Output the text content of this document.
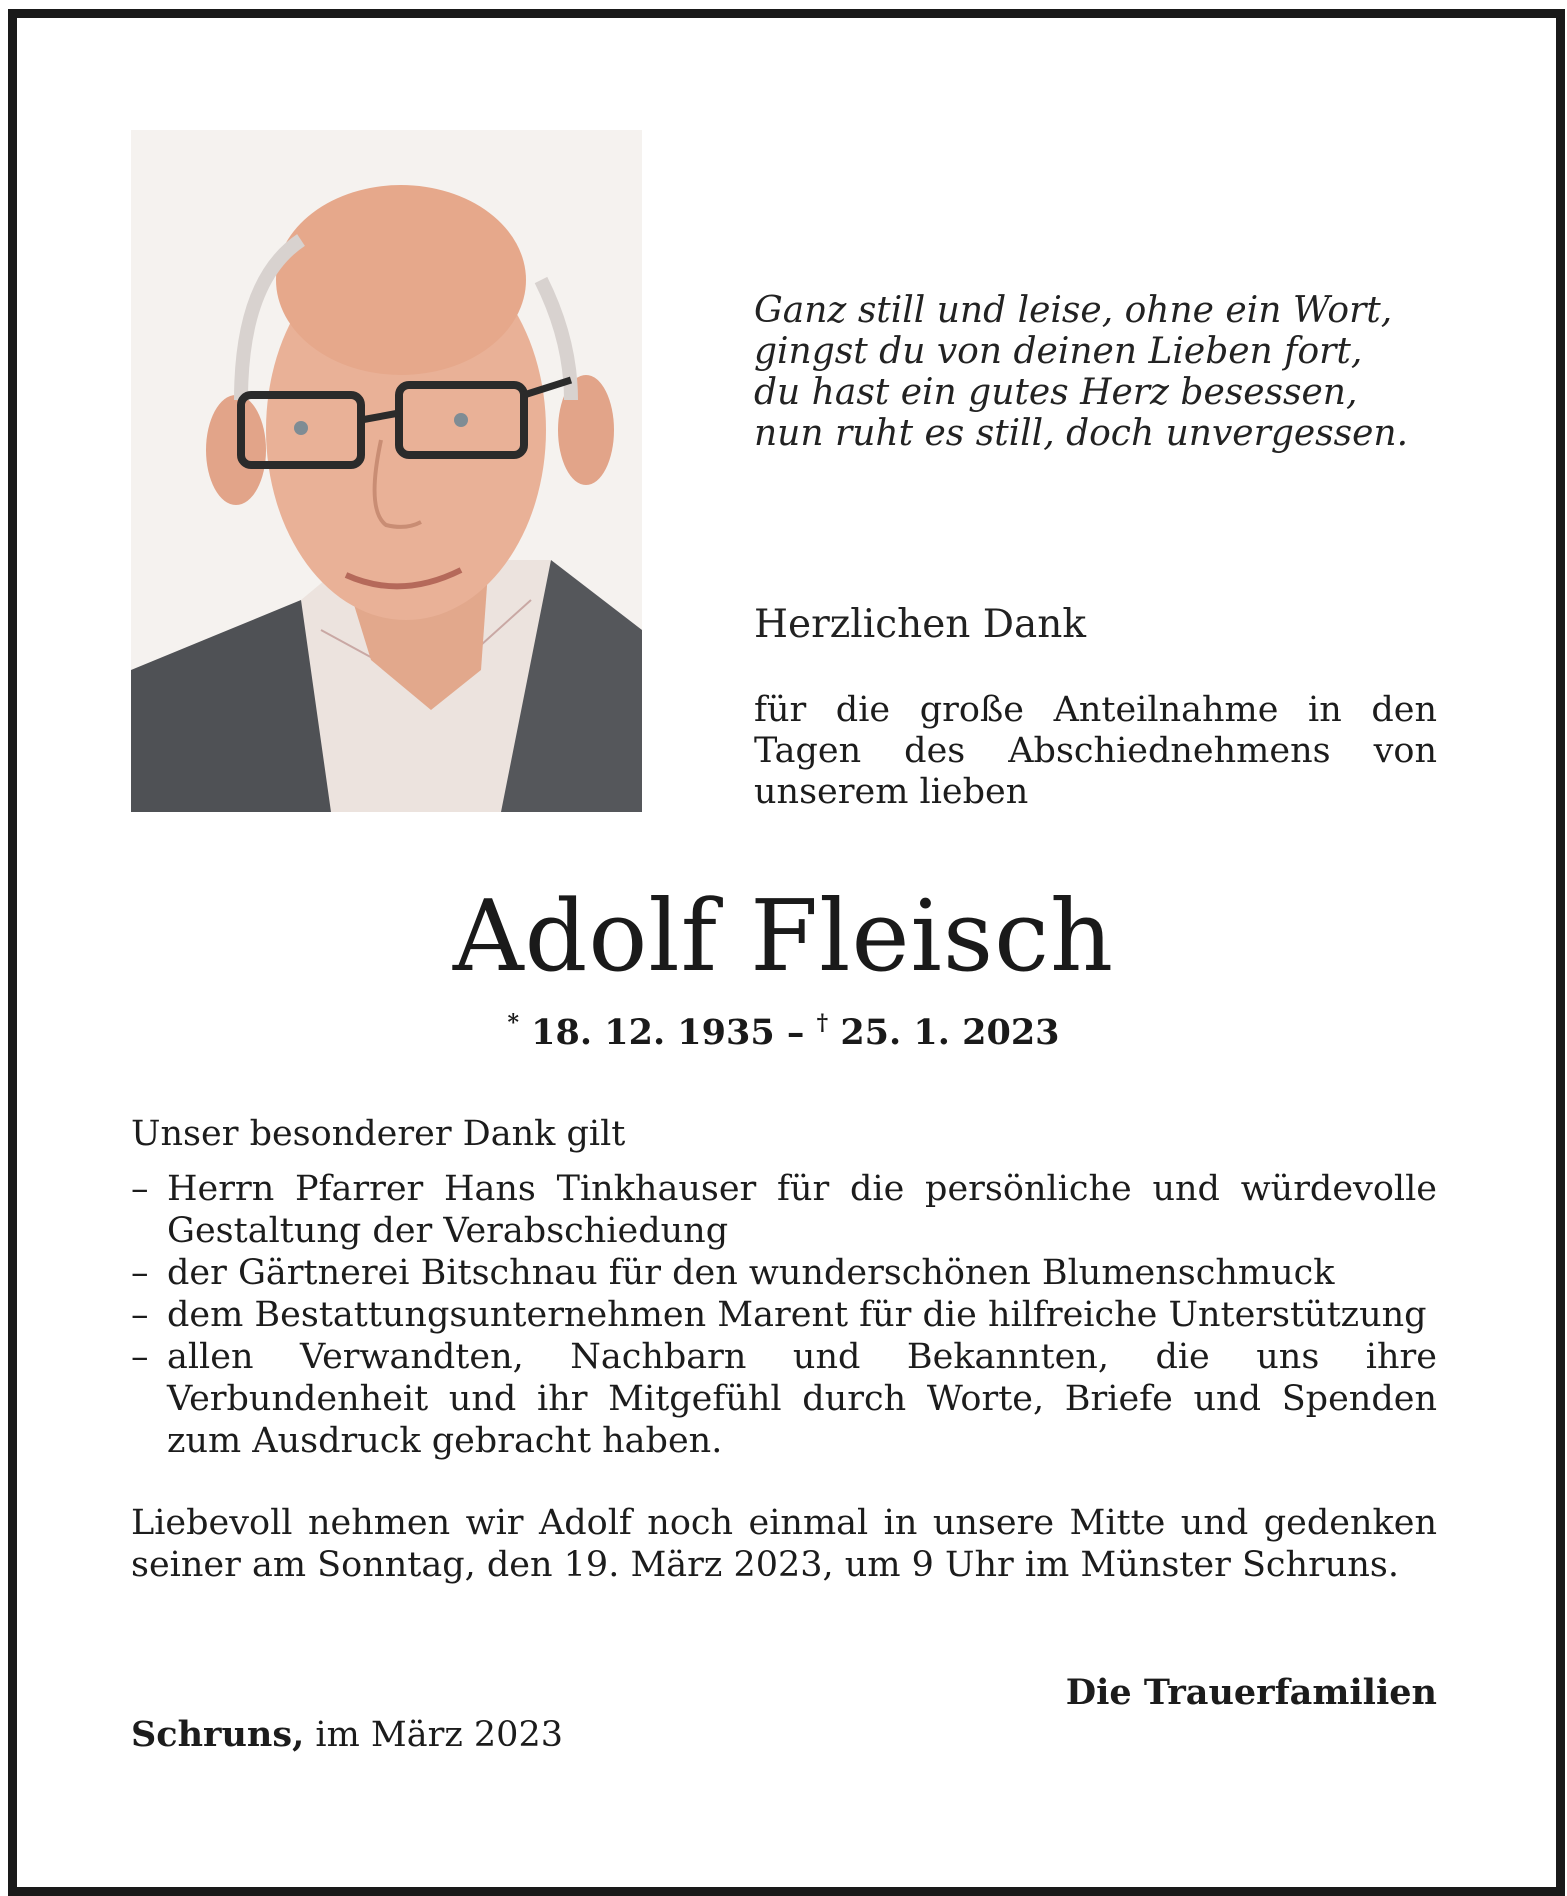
Ganz still und leise, ohne ein Wort,
gingst du von deinen Lieben fort,
du hast ein gutes Herz besessen,
nun ruht es still, doch unvergessen.
Herzlichen Dank
für die große Anteilnahme in den Tagen des Abschiednehmens von unserem lieben
Adolf Fleisch
* 18. 12. 1935 – † 25. 1. 2023
Unser besonderer Dank gilt
– Herrn Pfarrer Hans Tinkhauser für die persönliche und würdevolle Gestaltung der Verabschiedung
– der Gärtnerei Bitschnau für den wunderschönen Blumenschmuck
– dem Bestattungsunternehmen Marent für die hilfreiche Unterstützung
– allen Verwandten, Nachbarn und Bekannten, die uns ihre Verbundenheit und ihr Mitgefühl durch Worte, Briefe und Spenden zum Ausdruck gebracht haben.
Liebevoll nehmen wir Adolf noch einmal in unsere Mitte und gedenken seiner am Sonntag, den 19. März 2023, um 9 Uhr im Münster Schruns.
Die Trauerfamilien
Schruns, im März 2023
